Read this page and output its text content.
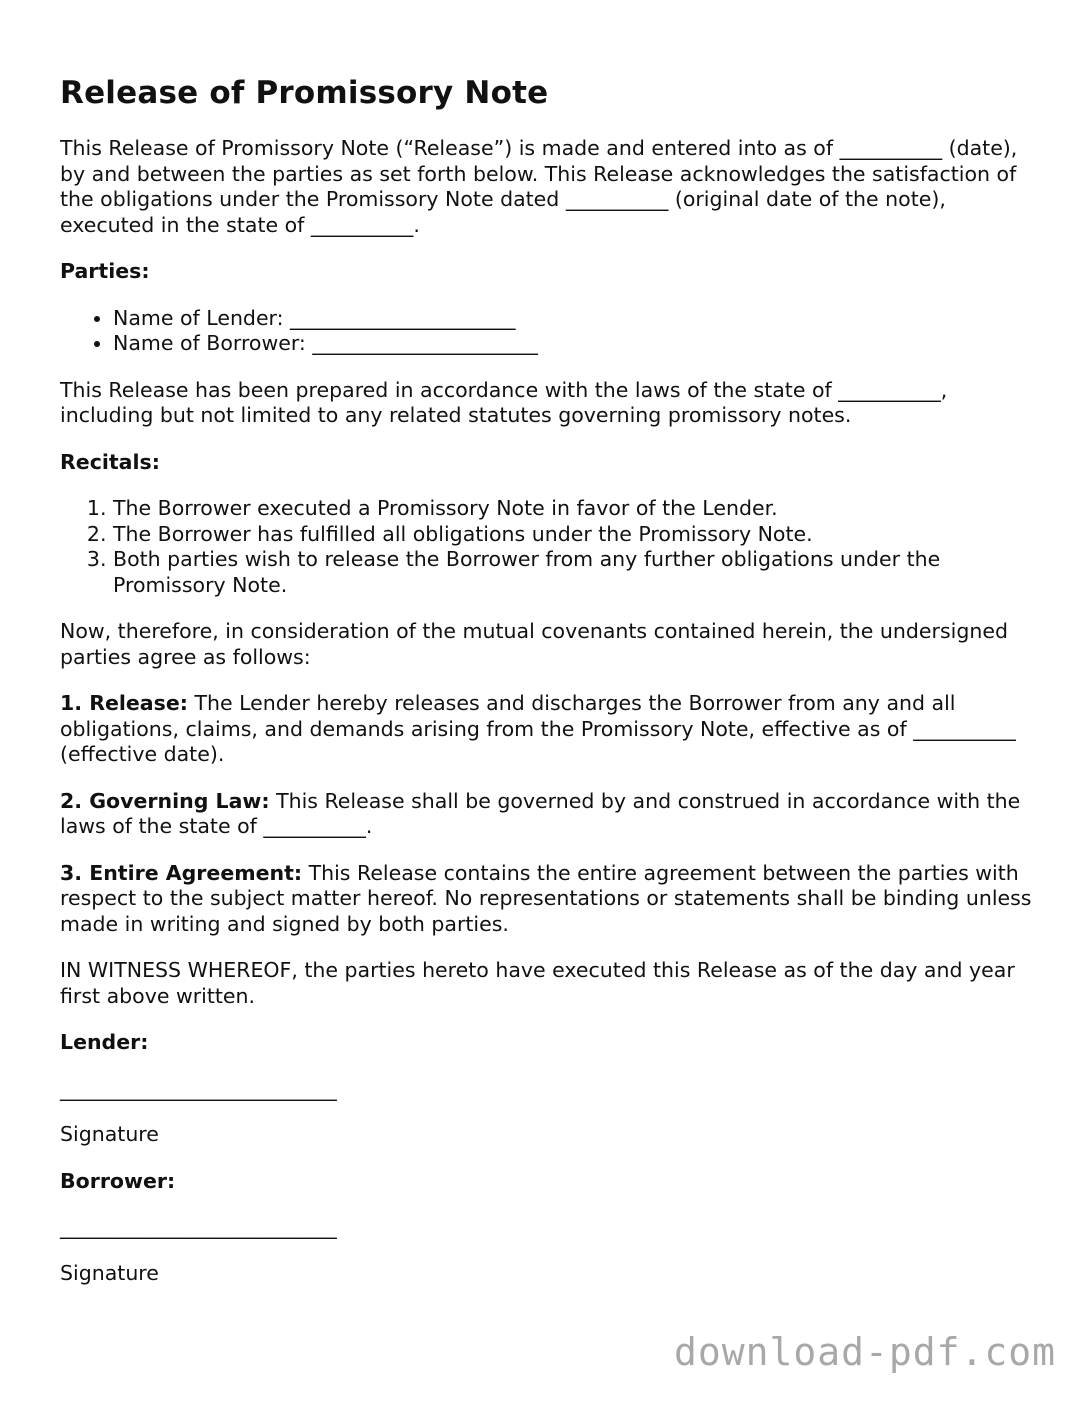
Release of Promissory Note

This Release of Promissory Note (“Release”) is made and entered into as of __________ (date), by and between the parties as set forth below. This Release acknowledges the satisfaction of the obligations under the Promissory Note dated __________ (original date of the note), executed in the state of __________.

Parties:

• Name of Lender: ______________________
• Name of Borrower: ______________________

This Release has been prepared in accordance with the laws of the state of __________, including but not limited to any related statutes governing promissory notes.

Recitals:

1. The Borrower executed a Promissory Note in favor of the Lender.
2. The Borrower has fulfilled all obligations under the Promissory Note.
3. Both parties wish to release the Borrower from any further obligations under the Promissory Note.

Now, therefore, in consideration of the mutual covenants contained herein, the undersigned parties agree as follows:

1. Release: The Lender hereby releases and discharges the Borrower from any and all obligations, claims, and demands arising from the Promissory Note, effective as of __________ (effective date).

2. Governing Law: This Release shall be governed by and construed in accordance with the laws of the state of __________.

3. Entire Agreement: This Release contains the entire agreement between the parties with respect to the subject matter hereof. No representations or statements shall be binding unless made in writing and signed by both parties.

IN WITNESS WHEREOF, the parties hereto have executed this Release as of the day and year first above written.

Lender:

___________________________

Signature

Borrower:

___________________________

Signature

download-pdf.com
